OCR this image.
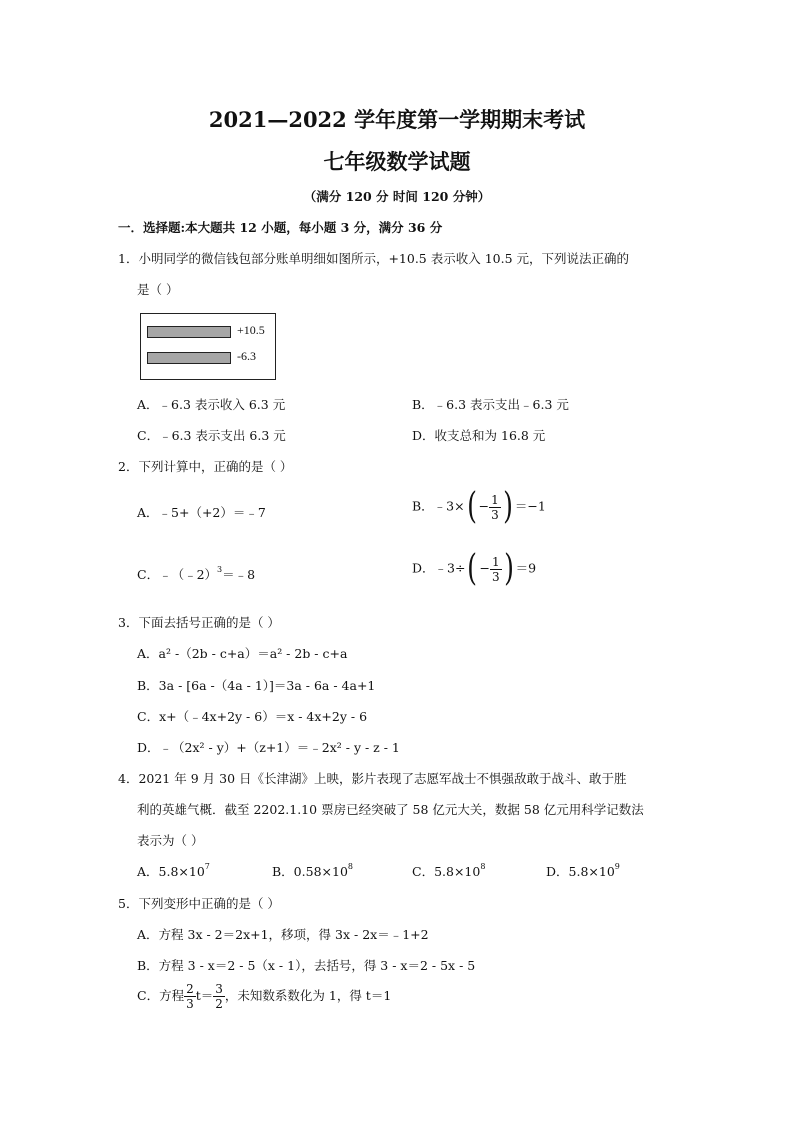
2021—2022 学年度第一学期期末考试
七年级数学试题
（满分 120 分 时间 120 分钟）
一．选择题:本大题共 12 小题，每小题 3 分，满分 36 分
1．小明同学的微信钱包部分账单明细如图所示，+10.5 表示收入 10.5 元，下列说法正确的
是（ ）
+10.5
-6.3
A．﹣6.3 表示收入 6.3 元	B．﹣6.3 表示支出﹣6.3 元
C．﹣6.3 表示支出 6.3 元	D．收支总和为 16.8 元
2．下列计算中，正确的是（ ）
A．﹣5+（+2）＝﹣7	B．﹣3×( − $\frac{1}{3}$ ) ＝−1
C．﹣（﹣2）$^3$＝﹣8	D．﹣3÷( − $\frac{1}{3}$ ) ＝9
3．下面去括号正确的是（ ）
A．a² -（2b - c+a）＝a² - 2b - c+a
B．3a - [6a -（4a - 1）]＝3a - 6a - 4a+1
C．x+（﹣4x+2y - 6）＝x - 4x+2y - 6
D．﹣（2x² - y）+（z+1）＝﹣2x² - y - z - 1
4．2021 年 9 月 30 日《长津湖》上映，影片表现了志愿军战士不惧强敌敢于战斗、敢于胜
利的英雄气概．截至 2202.1.10 票房已经突破了 58 亿元大关，数据 58 亿元用科学记数法
表示为（ ）
A．$5.8\times 10^7$	B．$0.58\times 10^8$	C．$5.8\times 10^8$	D．$5.8\times 10^9$
5．下列变形中正确的是（ ）
A．方程 3x - 2＝2x+1，移项，得 3x - 2x＝﹣1+2
B．方程 3 - x＝2 - 5（x - 1），去括号，得 3 - x＝2 - 5x - 5
C．方程 $\frac{2}{3} t= \frac{3}{2}$ ，未知数系数化为 1，得 t＝1
